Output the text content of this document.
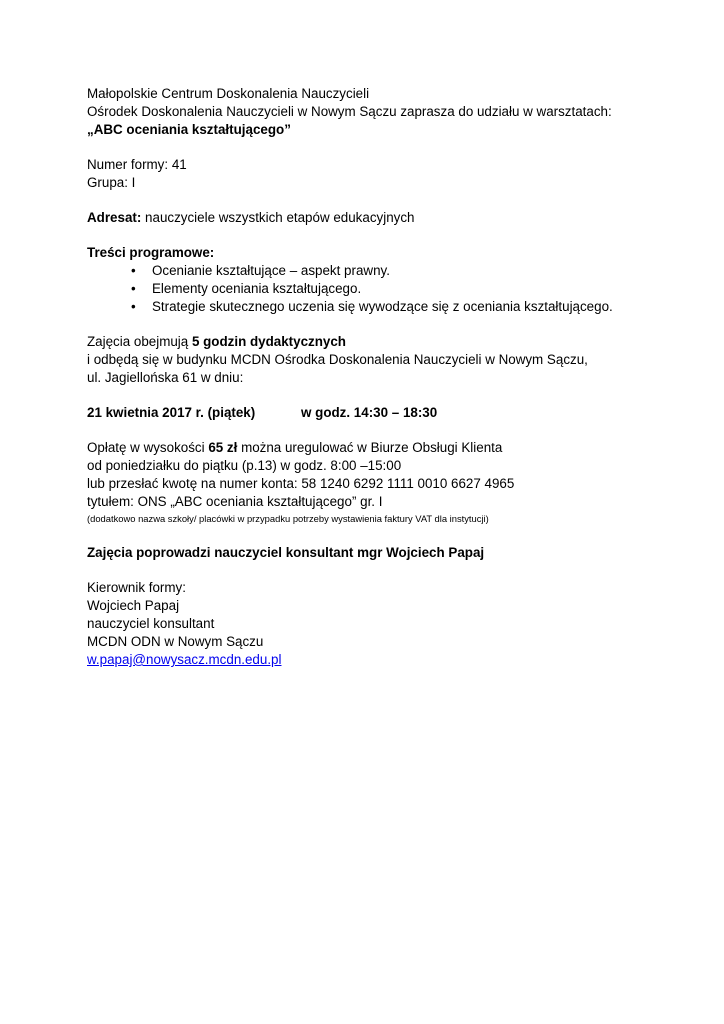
Małopolskie Centrum Doskonalenia Nauczycieli
Ośrodek Doskonalenia Nauczycieli w Nowym Sączu zaprasza do udziału w warsztatach:
„ABC oceniania kształtującego”
Numer formy: 41
Grupa: I
Adresat: nauczyciele wszystkich etapów edukacyjnych
Treści programowe:
• Ocenianie kształtujące – aspekt prawny.
• Elementy oceniania kształtującego.
• Strategie skutecznego uczenia się wywodzące się z oceniania kształtującego.
Zajęcia obejmują 5 godzin dydaktycznych
i odbędą się w budynku MCDN Ośrodka Doskonalenia Nauczycieli w Nowym Sączu,
ul. Jagiellońska 61 w dniu:
21 kwietnia 2017 r. (piątek)	w godz. 14:30 – 18:30
Opłatę w wysokości 65 zł można uregulować w Biurze Obsługi Klienta
od poniedziałku do piątku (p.13) w godz. 8:00 –15:00
lub przesłać kwotę na numer konta: 58 1240 6292 1111 0010 6627 4965
tytułem: ONS „ABC oceniania kształtującego” gr. I
(dodatkowo nazwa szkoły/ placówki w przypadku potrzeby wystawienia faktury VAT dla instytucji)
Zajęcia poprowadzi nauczyciel konsultant mgr Wojciech Papaj
Kierownik formy:
Wojciech Papaj
nauczyciel konsultant
MCDN ODN w Nowym Sączu
w.papaj@nowysacz.mcdn.edu.pl
